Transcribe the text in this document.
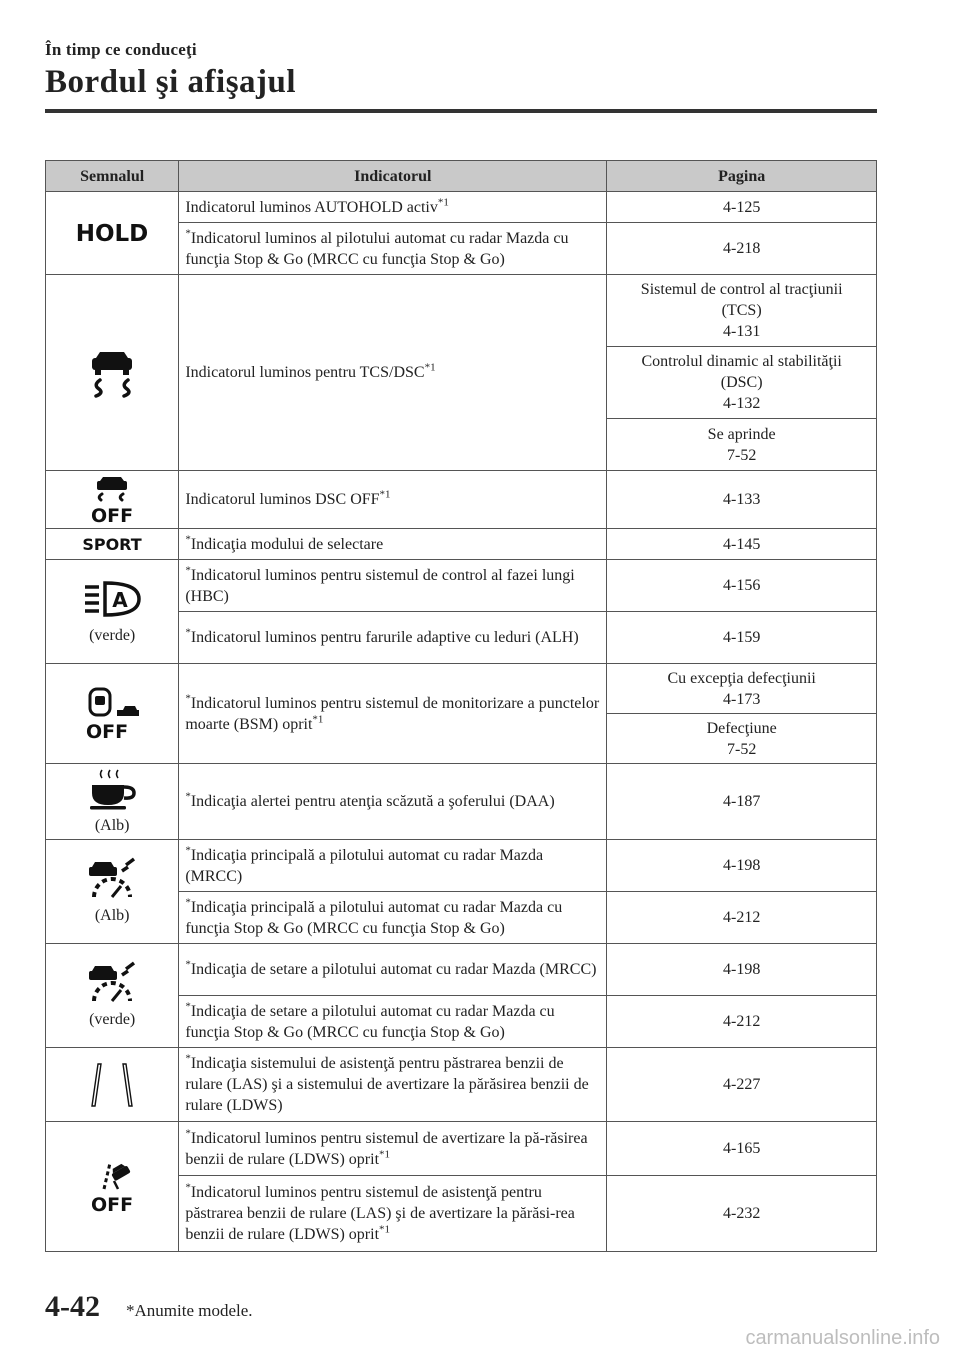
În timp ce conduceţi
Bordul şi afişajul
Semnalul	Indicatorul	Pagina

HOLD	Indicatorul luminos AUTOHOLD activ$^{*1}$	4-125
	*Indicatorul luminos al pilotului automat cu radar Mazda cu funcţia Stop & Go (MRCC cu funcţia Stop & Go)	4-218

	Indicatorul luminos pentru TCS/DSC$^{*1}$	Sistemul de control al tracţiunii
(TCS)
4-131

		Controlul dinamic al stabilităţii
(DSC)
4-132

		Se aprinde
7-52

OFF	Indicatorul luminos DSC OFF$^{*1}$	4-133

SPORT	*Indicaţia modului de selectare	4-145

A
(verde)	*Indicatorul luminos pentru sistemul de control al fazei lungi (HBC)	4-156
	*Indicatorul luminos pentru farurile adaptive cu leduri (ALH)	4-159

OFF	*Indicatorul luminos pentru sistemul de monitorizare a punctelor moarte (BSM) oprit$^{*1}$	Cu excepţia defecţiunii
4-173

		Defecţiune
7-52

(Alb)	*Indicaţia alertei pentru atenţia scăzută a şoferului (DAA)	4-187

(Alb)	*Indicaţia principală a pilotului automat cu radar Mazda (MRCC)	4-198
	*Indicaţia principală a pilotului automat cu radar Mazda cu funcţia Stop & Go (MRCC cu funcţia Stop & Go)	4-212

(verde)	*Indicaţia de setare a pilotului automat cu radar Mazda (MRCC)	4-198
	*Indicaţia de setare a pilotului automat cu radar Mazda cu funcţia Stop & Go (MRCC cu funcţia Stop & Go)	4-212

	*Indicaţia sistemului de asistenţă pentru păstrarea benzii de rulare (LAS) şi a sistemului de avertizare la părăsirea benzii de rulare (LDWS)	4-227

OFF	*Indicatorul luminos pentru sistemul de avertizare la pă-răsirea benzii de rulare (LDWS) oprit$^{*1}$	4-165
	*Indicatorul luminos pentru sistemul de asistenţă pentru păstrarea benzii de rulare (LAS) şi de avertizare la părăsi-rea benzii de rulare (LDWS) oprit$^{*1}$	4-232
4-42 *Anumite modele.
carmanualsonline.info
